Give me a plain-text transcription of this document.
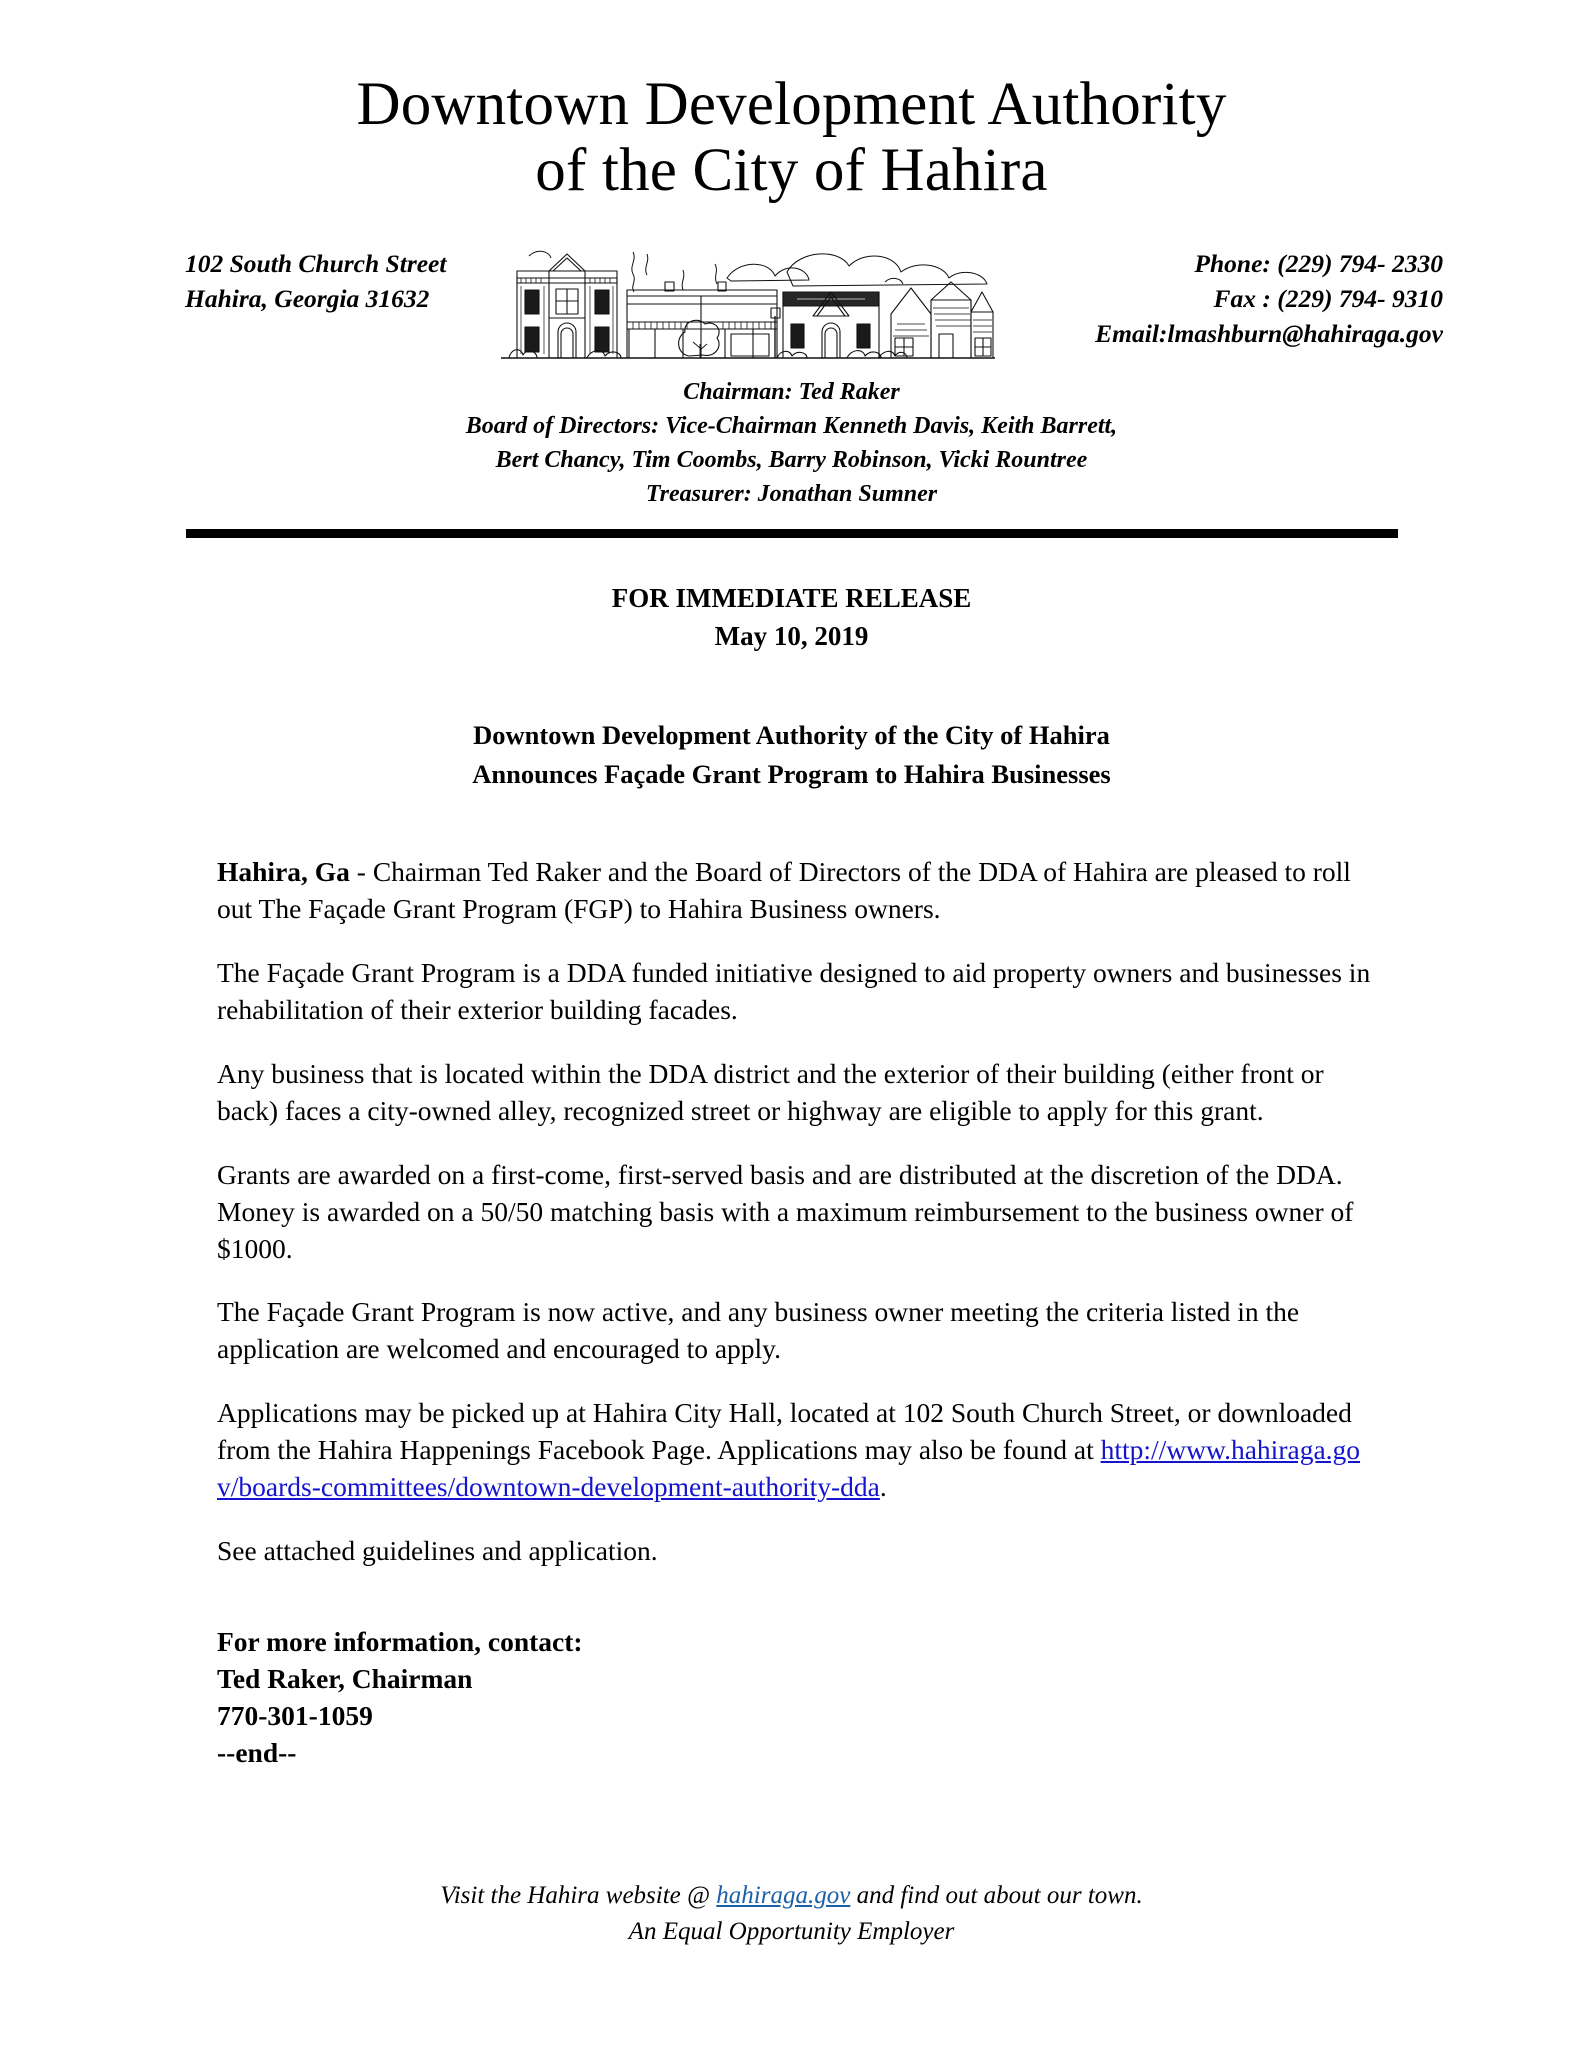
Downtown Development Authority
of the City of Hahira
102 South Church Street
Hahira, Georgia 31632
Phone: (229) 794- 2330
Fax : (229) 794- 9310
Email:lmashburn@hahiraga.gov
Chairman: Ted Raker
Board of Directors: Vice-Chairman Kenneth Davis, Keith Barrett,
Bert Chancy, Tim Coombs, Barry Robinson, Vicki Rountree
Treasurer: Jonathan Sumner
FOR IMMEDIATE RELEASE
May 10, 2019
Downtown Development Authority of the City of Hahira
Announces Façade Grant Program to Hahira Businesses

Hahira, Ga - Chairman Ted Raker and the Board of Directors of the DDA of Hahira are pleased to roll out The Façade Grant Program (FGP) to Hahira Business owners.

The Façade Grant Program is a DDA funded initiative designed to aid property owners and businesses in rehabilitation of their exterior building facades.

Any business that is located within the DDA district and the exterior of their building (either front or back) faces a city-owned alley, recognized street or highway are eligible to apply for this grant.

Grants are awarded on a first-come, first-served basis and are distributed at the discretion of the DDA. Money is awarded on a 50/50 matching basis with a maximum reimbursement to the business owner of $1000.

The Façade Grant Program is now active, and any business owner meeting the criteria listed in the application are welcomed and encouraged to apply.

Applications may be picked up at Hahira City Hall, located at 102 South Church Street, or downloaded from the Hahira Happenings Facebook Page. Applications may also be found at http://www.hahiraga.gov/boards-committees/downtown-development-authority-dda.

See attached guidelines and application.

For more information, contact:
Ted Raker, Chairman
770-301-1059
--end--
Visit the Hahira website @ hahiraga.gov and find out about our town.
An Equal Opportunity Employer
